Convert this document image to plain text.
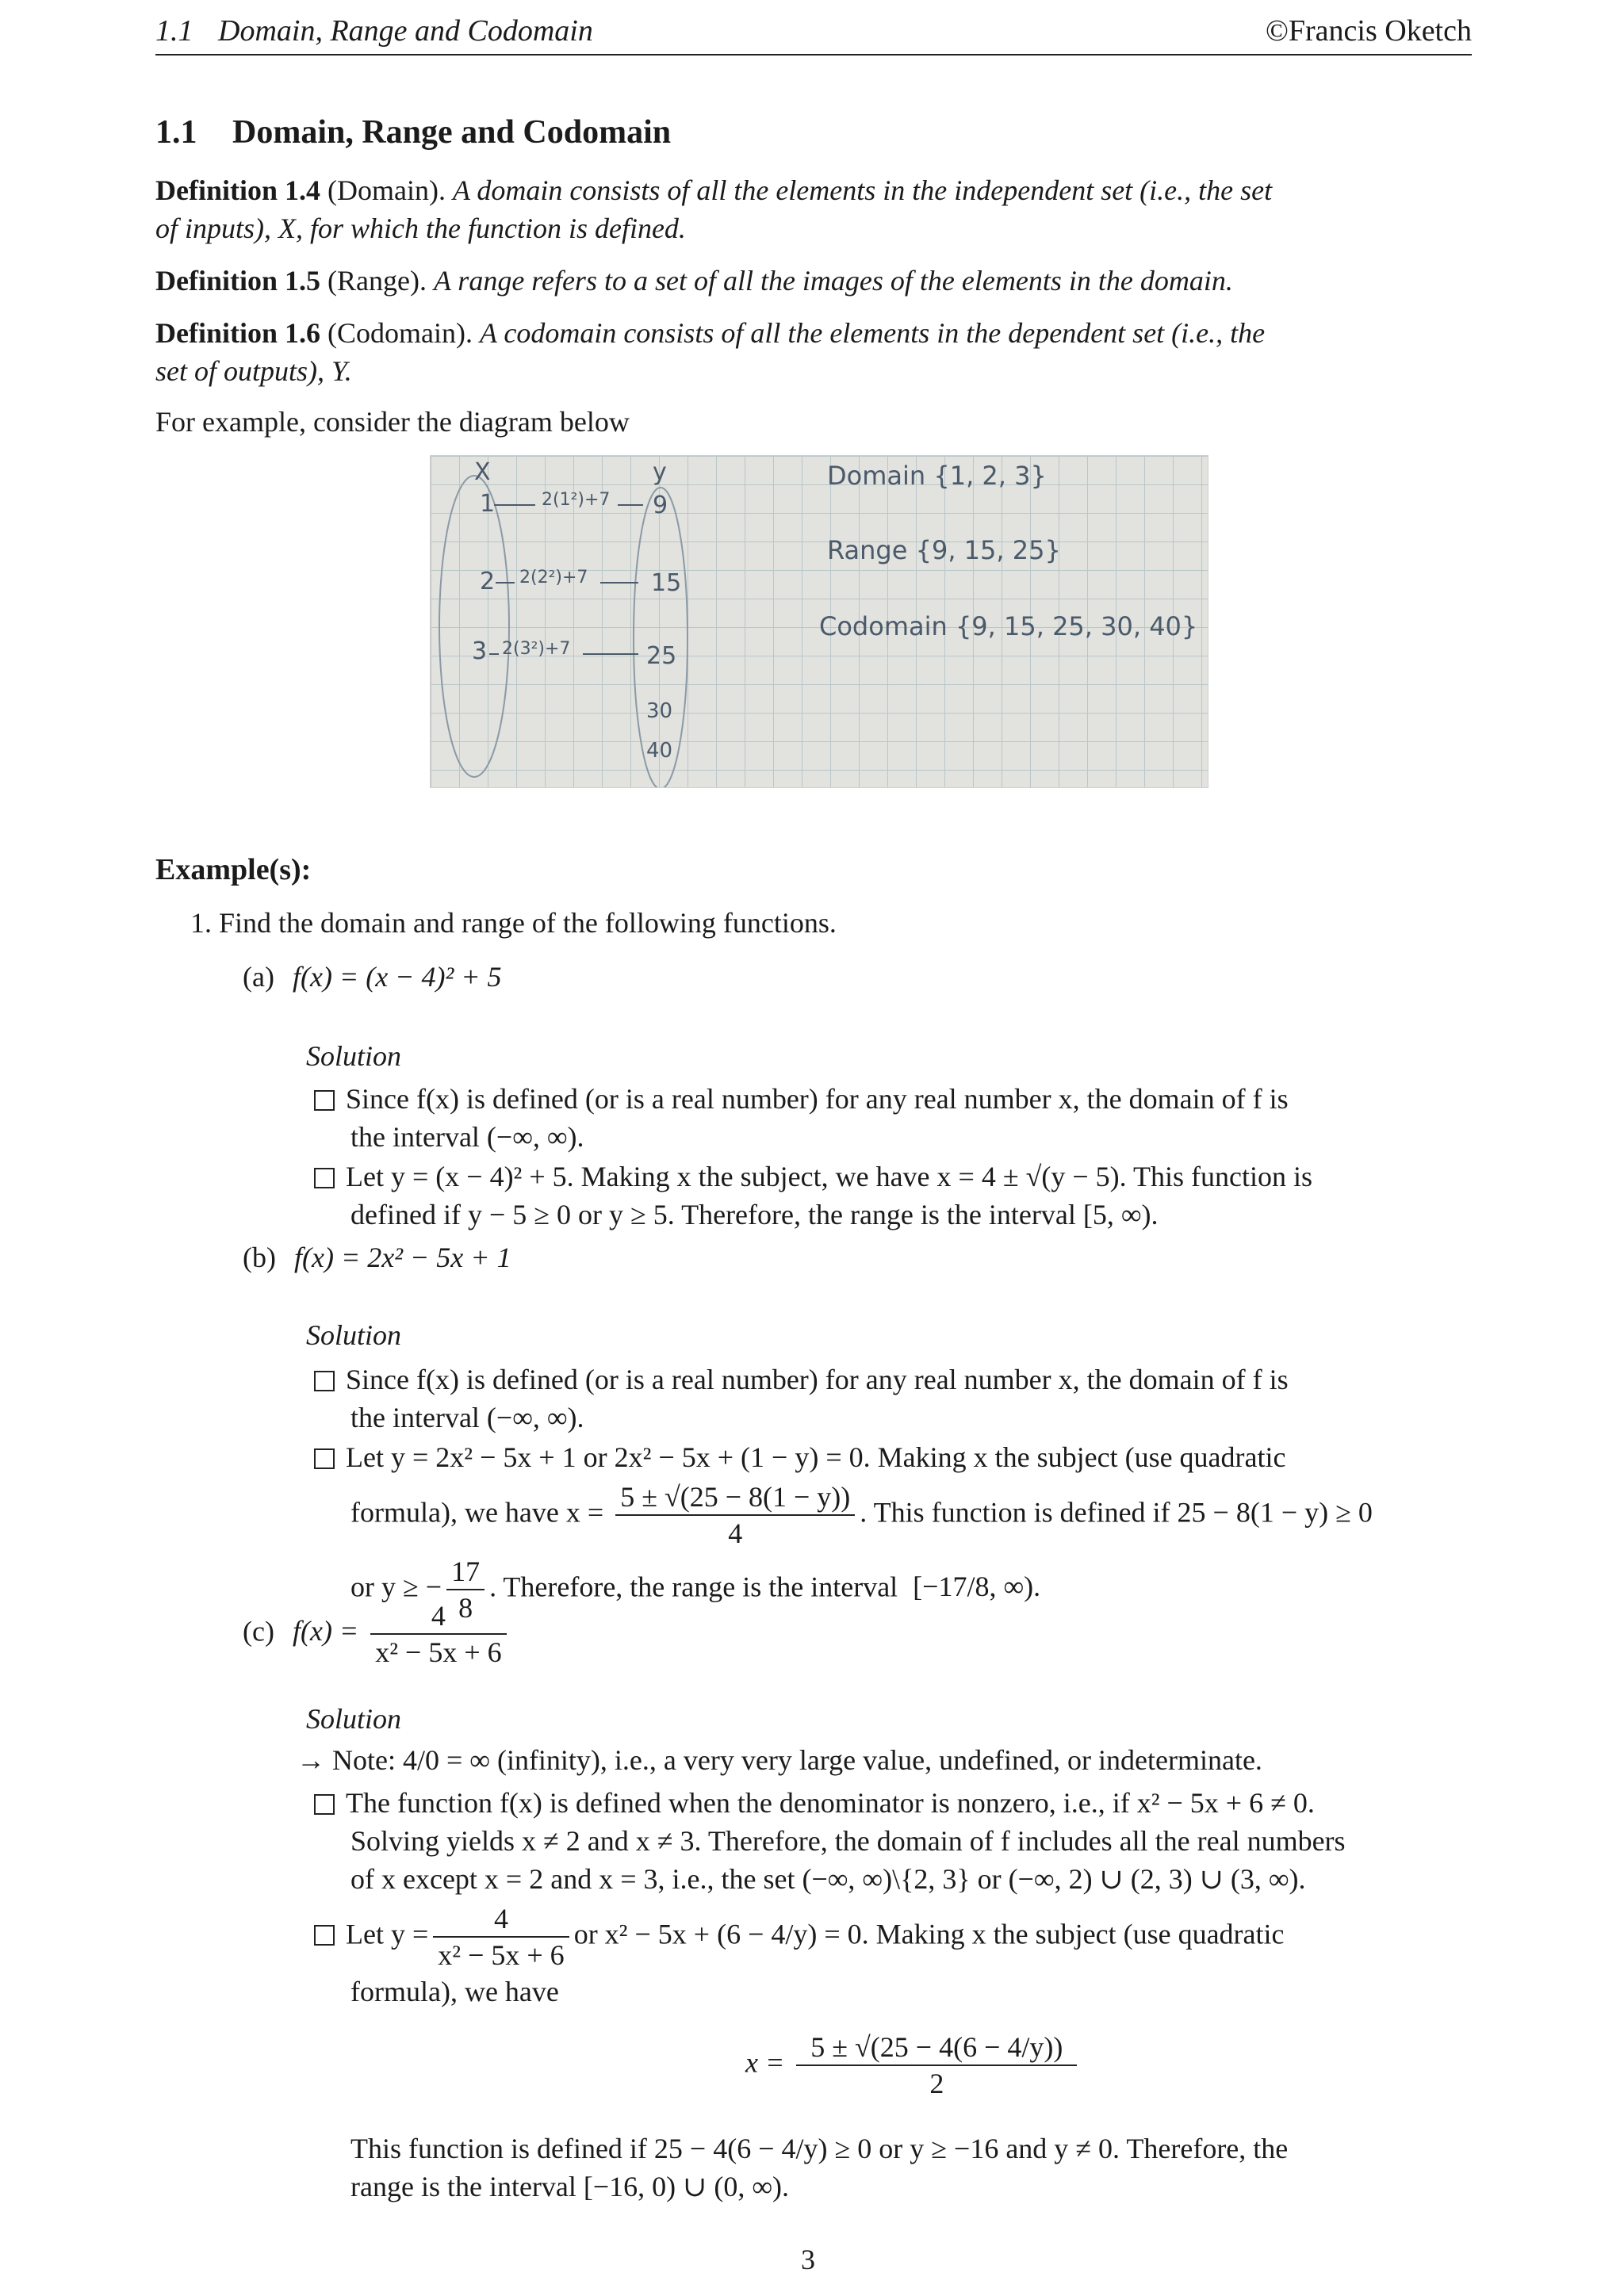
1.1 Domain, Range and Codomain	©Francis Oketch
1.1 Domain, Range and Codomain
Definition 1.4 (Domain). A domain consists of all the elements in the independent set (i.e., the set
of inputs), X, for which the function is defined.
Definition 1.5 (Range). A range refers to a set of all the images of the elements in the domain.
Definition 1.6 (Codomain). A codomain consists of all the elements in the dependent set (i.e., the
set of outputs), Y.
For example, consider the diagram below
X	y
1
2
3
9
15
25
30
40
2(1²)+7
2(2²)+7
2(3²)+7
Domain {1, 2, 3}
Range {9, 15, 25}
Codomain {9, 15, 25, 30, 40}
Example(s):
1. Find the domain and range of the following functions.
(a) f(x) = (x − 4)² + 5
Solution
Since f(x) is defined (or is a real number) for any real number x, the domain of f is
the interval (−∞, ∞).
Let y = (x − 4)² + 5. Making x the subject, we have x = 4 ± √(y − 5). This function is
defined if y − 5 ≥ 0 or y ≥ 5. Therefore, the range is the interval [5, ∞).
(b) f(x) = 2x² − 5x + 1
Solution
Since f(x) is defined (or is a real number) for any real number x, the domain of f is
the interval (−∞, ∞).
Let y = 2x² − 5x + 1 or 2x² − 5x + (1 − y) = 0. Making x the subject (use quadratic
formula), we have $x = \frac{5 \pm √(25 - 8(1 - y))}{4}$ . This function is defined if 25 − 8(1 − y) ≥ 0
or y ≥ − $\frac{17}{8}$ . Therefore, the range is the interval [−17/8, ∞).
(c) $f(x) = \frac{4}{\text{x² − 5x + 6}}$
Solution
→ Note: 4/0 = ∞ (infinity), i.e., a very very large value, undefined, or indeterminate.
The function f(x) is defined when the denominator is nonzero, i.e., if x² − 5x + 6 ≠ 0.
Solving yields x ≠ 2 and x ≠ 3. Therefore, the domain of f includes all the real numbers
of x except x = 2 and x = 3, i.e., the set (−∞, ∞)\{2, 3} or (−∞, 2) ∪ (2, 3) ∪ (3, ∞).
Let $y = \frac{4}{\text{x² − 5x + 6}}$ or x² − 5x + (6 − 4/y) = 0. Making x the subject (use quadratic
formula), we have
$x = \frac{5 \pm √(25 - 4(6 - 4/y))}{2}$
This function is defined if 25 − 4(6 − 4/y) ≥ 0 or y ≥ −16 and y ≠ 0. Therefore, the
range is the interval [−16, 0) ∪ (0, ∞).
3
